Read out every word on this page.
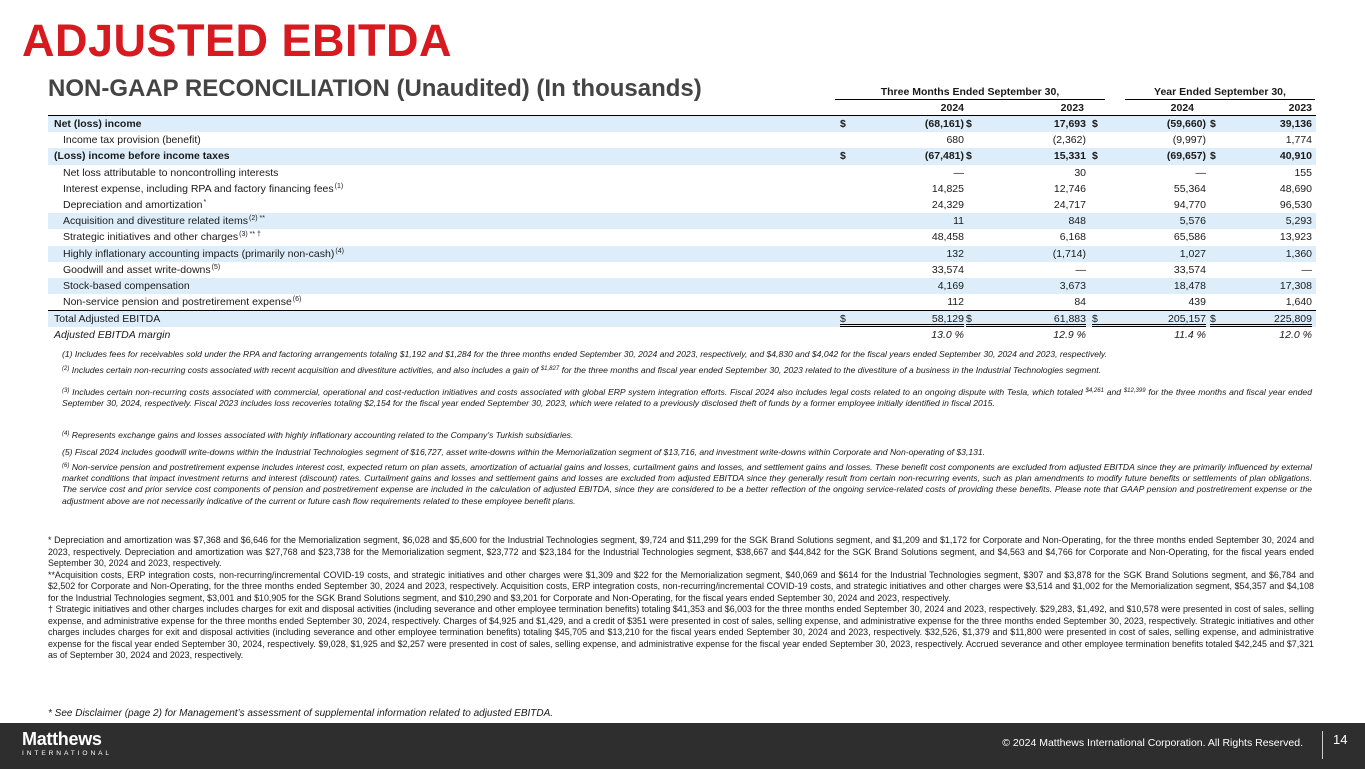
ADJUSTED EBITDA
NON-GAAP RECONCILIATION (Unaudited) (In thousands)	Three Months Ended September 30,	Year Ended September 30,
2024	2023	2024	2023
Net (loss) income	$	(68,161) $	17,693 $	(59,660) $	39,136
Income tax provision (benefit)	680	(2,362)	(9,997)	1,774
(Loss) income before income taxes	$	(67,481) $	15,331 $	(69,657) $	40,910
Net loss attributable to noncontrolling interests	—	30	—	155
Interest expense, including RPA and factory financing fees$^{(1)}$	14,825	12,746	55,364	48,690
Depreciation and amortization*	24,329	24,717	94,770	96,530
Acquisition and divestiture related items$^{(2) **}$	11	848	5,576	5,293
Strategic initiatives and other charges$^{(3) ** \dagger}$	48,458	6,168	65,586	13,923
Highly inflationary accounting impacts (primarily non-cash)$^{(4)}$	132	(1,714)	1,027	1,360
Goodwill and asset write-downs$^{(5)}$	33,574	—	33,574	—
Stock-based compensation	4,169	3,673	18,478	17,308
Non-service pension and postretirement expense$^{(6)}$	112	84	439	1,640
Total Adjusted EBITDA	$	58,129 $	61,883 $	205,157 $	225,809
Adjusted EBITDA margin	13.0 %	12.9 %	11.4 %	12.0 %
(1) Includes fees for receivables sold under the RPA and factoring arrangements totaling $1,192 and $1,284 for the three months ended September 30, 2024 and 2023, respectively, and $4,830 and $4,042 for the fiscal years ended September 30, 2024 and 2023, respectively.
$^{(2)}$ Includes certain non-recurring costs associated with recent acquisition and divestiture activities, and also includes a gain of $^{\$1,827}$ for the three months and fiscal year ended September 30, 2023 related to the divestiture of a business in the Industrial Technologies segment.
$^{(3)}$ Includes certain non-recurring costs associated with commercial, operational and cost-reduction initiatives and costs associated with global ERP system integration efforts. Fiscal 2024 also includes legal costs related to an ongoing dispute with Tesla, which totaled $^{\$4,261}$ and $^{\$12,399}$ for the three months and fiscal year ended September 30, 2024, respectively. Fiscal 2023 includes loss recoveries totaling $2,154 for the fiscal year ended September 30, 2023, which were related to a previously disclosed theft of funds by a former employee initially identified in fiscal 2015.
$^{(4)}$ Represents exchange gains and losses associated with highly inflationary accounting related to the Company's Turkish subsidiaries.
(5) Fiscal 2024 includes goodwill write-downs within the Industrial Technologies segment of $16,727, asset write-downs within the Memorialization segment of $13,716, and investment write-downs within Corporate and Non-operating of $3,131.
$^{(6)}$ Non-service pension and postretirement expense includes interest cost, expected return on plan assets, amortization of actuarial gains and losses, curtailment gains and losses, and settlement gains and losses. These benefit cost components are excluded from adjusted EBITDA since they are primarily influenced by external market conditions that impact investment returns and interest (discount) rates. Curtailment gains and losses and settlement gains and losses are excluded from adjusted EBITDA since they generally result from certain non-recurring events, such as plan amendments to modify future benefits or settlements of plan obligations. The service cost and prior service cost components of pension and postretirement expense are included in the calculation of adjusted EBITDA, since they are considered to be a better reflection of the ongoing service-related costs of providing these benefits. Please note that GAAP pension and postretirement expense or the adjustment above are not necessarily indicative of the current or future cash flow requirements related to these employee benefit plans.

* Depreciation and amortization was $7,368 and $6,646 for the Memorialization segment, $6,028 and $5,600 for the Industrial Technologies segment, $9,724 and $11,299 for the SGK Brand Solutions segment, and $1,209 and $1,172 for Corporate and Non-Operating, for the three months ended September 30, 2024 and 2023, respectively. Depreciation and amortization was $27,768 and $23,738 for the Memorialization segment, $23,772 and $23,184 for the Industrial Technologies segment, $38,667 and $44,842 for the SGK Brand Solutions segment, and $4,563 and $4,766 for Corporate and Non-Operating, for the fiscal years ended September 30, 2024 and 2023, respectively.

**Acquisition costs, ERP integration costs, non-recurring/incremental COVID-19 costs, and strategic initiatives and other charges were $1,309 and $22 for the Memorialization segment, $40,069 and $614 for the Industrial Technologies segment, $307 and $3,878 for the SGK Brand Solutions segment, and $6,784 and $2,502 for Corporate and Non-Operating, for the three months ended September 30, 2024 and 2023, respectively. Acquisition costs, ERP integration costs, non-recurring/incremental COVID-19 costs, and strategic initiatives and other charges were $3,514 and $1,002 for the Memorialization segment, $54,357 and $4,108 for the Industrial Technologies segment, $3,001 and $10,905 for the SGK Brand Solutions segment, and $10,290 and $3,201 for Corporate and Non-Operating, for the fiscal years ended September 30, 2024 and 2023, respectively.

† Strategic initiatives and other charges includes charges for exit and disposal activities (including severance and other employee termination benefits) totaling $41,353 and $6,003 for the three months ended September 30, 2024 and 2023, respectively. $29,283, $1,492, and $10,578 were presented in cost of sales, selling expense, and administrative expense for the three months ended September 30, 2024, respectively. Charges of $4,925 and $1,429, and a credit of $351 were presented in cost of sales, selling expense, and administrative expense for the three months ended September 30, 2023, respectively. Strategic initiatives and other charges includes charges for exit and disposal activities (including severance and other employee termination benefits) totaling $45,705 and $13,210 for the fiscal years ended September 30, 2024 and 2023, respectively. $32,526, $1,379 and $11,800 were presented in cost of sales, selling expense, and administrative expense for the fiscal year ended September 30, 2024, respectively. $9,028, $1,925 and $2,257 were presented in cost of sales, selling expense, and administrative expense for the fiscal year ended September 30, 2023, respectively. Accrued severance and other employee termination benefits totaled $42,245 and $7,321 as of September 30, 2024 and 2023, respectively.

* See Disclaimer (page 2) for Management’s assessment of supplemental information related to adjusted EBITDA.
Matthews
INTERNATIONAL
© 2024 Matthews International Corporation. All Rights Reserved. 14
